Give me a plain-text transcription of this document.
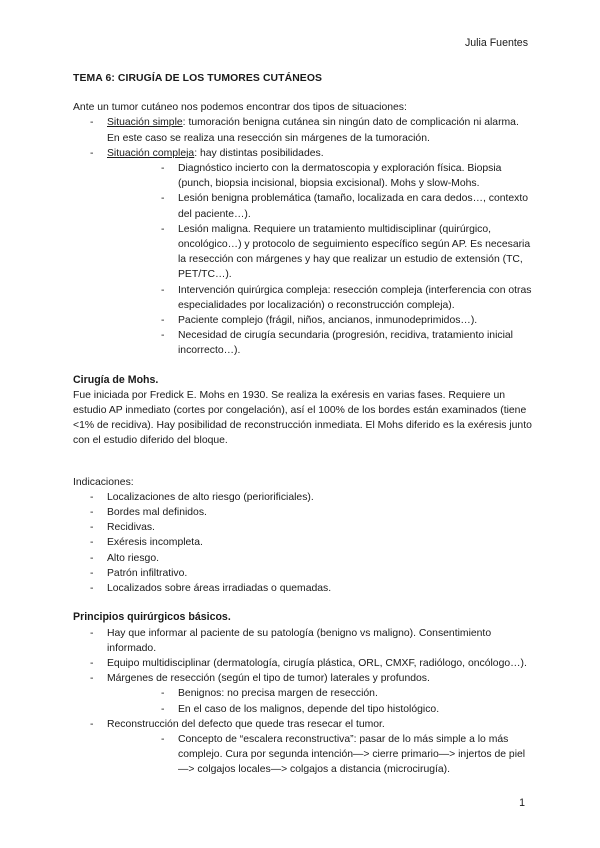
Julia Fuentes
TEMA 6: CIRUGÍA DE LOS TUMORES CUTÁNEOS

Ante un tumor cutáneo nos podemos encontrar dos tipos de situaciones:

- Situación simple: tumoración benigna cutánea sin ningún dato de complicación ni alarma. En este caso se realiza una resección sin márgenes de la tumoración.
- Situación compleja: hay distintas posibilidades.
- Diagnóstico incierto con la dermatoscopia y exploración física. Biopsia (punch, biopsia incisional, biopsia excisional). Mohs y slow-Mohs.
- Lesión benigna problemática (tamaño, localizada en cara dedos…, contexto del paciente…).
- Lesión maligna. Requiere un tratamiento multidisciplinar (quirúrgico, oncológico…) y protocolo de seguimiento específico según AP. Es necesaria la resección con márgenes y hay que realizar un estudio de extensión (TC, PET/TC…).
- Intervención quirúrgica compleja: resección compleja (interferencia con otras especialidades por localización) o reconstrucción compleja).
- Paciente complejo (frágil, niños, ancianos, inmunodeprimidos…).
- Necesidad de cirugía secundaria (progresión, recidiva, tratamiento inicial incorrecto…).
Cirugía de Mohs.

Fue iniciada por Fredick E. Mohs en 1930. Se realiza la exéresis en varias fases. Requiere un estudio AP inmediato (cortes por congelación), así el 100% de los bordes están examinados (tiene <1% de recidiva). Hay posibilidad de reconstrucción inmediata. El Mohs diferido es la exéresis junto con el estudio diferido del bloque.

Indicaciones:

- Localizaciones de alto riesgo (periorificiales).
- Bordes mal definidos.
- Recidivas.
- Exéresis incompleta.
- Alto riesgo.
- Patrón infiltrativo.
- Localizados sobre áreas irradiadas o quemadas.
Principios quirúrgicos básicos.
- Hay que informar al paciente de su patología (benigno vs maligno). Consentimiento informado.
- Equipo multidisciplinar (dermatología, cirugía plástica, ORL, CMXF, radiólogo, oncólogo…).
- Márgenes de resección (según el tipo de tumor) laterales y profundos.
- Benignos: no precisa margen de resección.
- En el caso de los malignos, depende del tipo histológico.
- Reconstrucción del defecto que quede tras resecar el tumor.
- Concepto de “escalera reconstructiva”: pasar de lo más simple a lo más complejo. Cura por segunda intención—> cierre primario—> injertos de piel—> colgajos locales—> colgajos a distancia (microcirugía).
1
